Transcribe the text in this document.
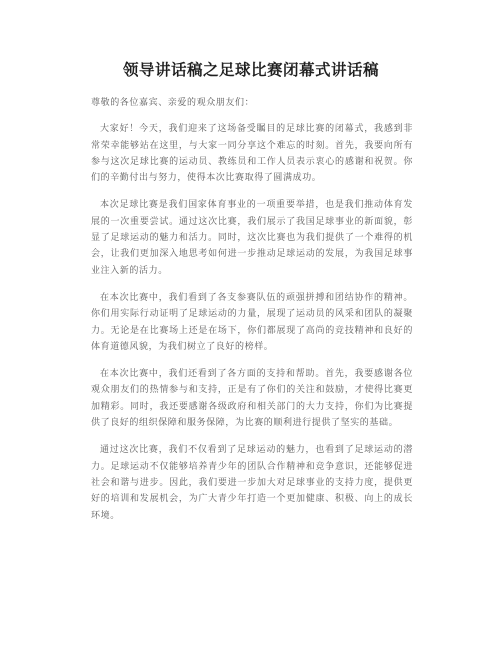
领导讲话稿之足球比赛闭幕式讲话稿

尊敬的各位嘉宾、亲爱的观众朋友们：

大家好！今天，我们迎来了这场备受瞩目的足球比赛的闭幕式，我感到非常荣幸能够站在这里，与大家一同分享这个难忘的时刻。首先，我要向所有参与这次足球比赛的运动员、教练员和工作人员表示衷心的感谢和祝贺。你们的辛勤付出与努力，使得本次比赛取得了圆满成功。

本次足球比赛是我们国家体育事业的一项重要举措，也是我们推动体育发展的一次重要尝试。通过这次比赛，我们展示了我国足球事业的新面貌，彰显了足球运动的魅力和活力。同时，这次比赛也为我们提供了一个难得的机会，让我们更加深入地思考如何进一步推动足球运动的发展，为我国足球事业注入新的活力。

在本次比赛中，我们看到了各支参赛队伍的顽强拼搏和团结协作的精神。你们用实际行动证明了足球运动的力量，展现了运动员的风采和团队的凝聚力。无论是在比赛场上还是在场下，你们都展现了高尚的竞技精神和良好的体育道德风貌，为我们树立了良好的榜样。

在本次比赛中，我们还看到了各方面的支持和帮助。首先，我要感谢各位观众朋友们的热情参与和支持，正是有了你们的关注和鼓励，才使得比赛更加精彩。同时，我还要感谢各级政府和相关部门的大力支持，你们为比赛提供了良好的组织保障和服务保障，为比赛的顺利进行提供了坚实的基础。

通过这次比赛，我们不仅看到了足球运动的魅力，也看到了足球运动的潜力。足球运动不仅能够培养青少年的团队合作精神和竞争意识，还能够促进社会和谐与进步。因此，我们要进一步加大对足球事业的支持力度，提供更好的培训和发展机会，为广大青少年打造一个更加健康、积极、向上的成长环境。
